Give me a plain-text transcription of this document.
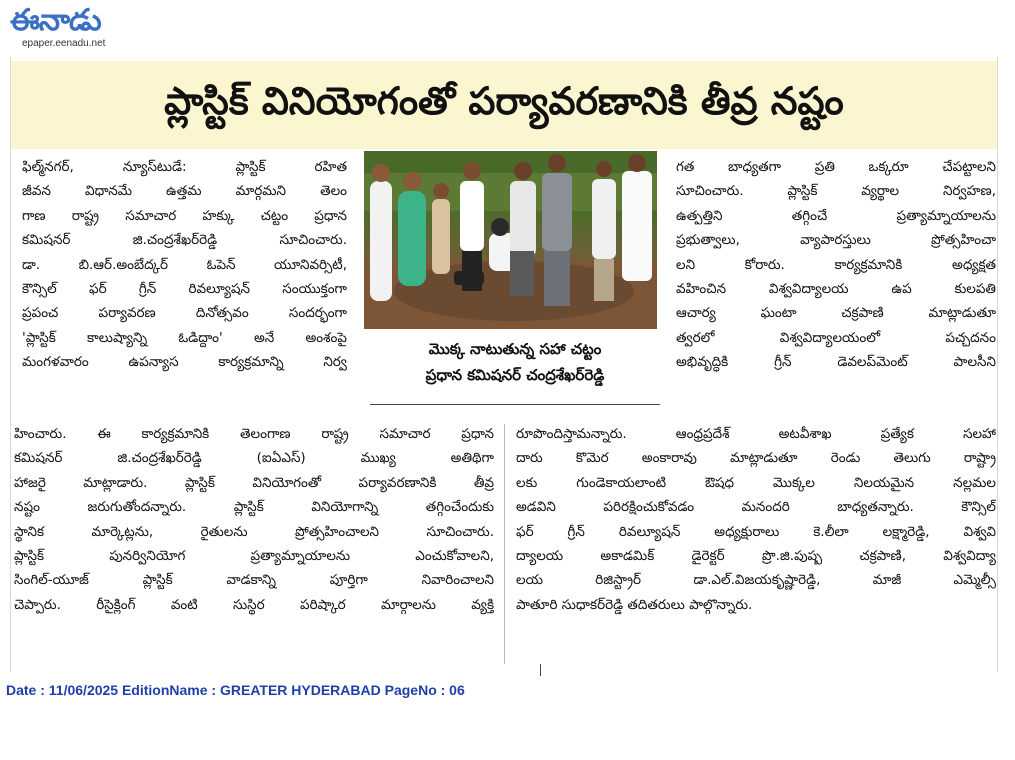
ఈనాడు
epaper.eenadu.net
ప్లాస్టిక్ వినియోగంతో పర్యావరణానికి తీవ్ర నష్టం
ఫిల్మ్‌నగర్, న్యూస్‌టుడే: ప్లాస్టిక్ రహిత
జీవన విధానమే ఉత్తమ మార్గమని తెలం
గాణ రాష్ట్ర సమాచార హక్కు చట్టం ప్రధాన
కమిషనర్ జి.చంద్రశేఖర్‌రెడ్డి సూచించారు.
డా. బి.ఆర్.అంబేద్కర్ ఓపెన్ యూనివర్సిటీ,
కౌన్సిల్ ఫర్ గ్రీన్ రివల్యూషన్ సంయుక్తంగా
ప్రపంచ పర్యావరణ దినోత్సవం సందర్భంగా
'ప్లాస్టిక్ కాలుష్యాన్ని ఓడిద్దాం' అనే అంశంపై
మంగళవారం ఉపన్యాస కార్యక్రమాన్ని నిర్వ
మొక్క నాటుతున్న సహా చట్టం
ప్రధాన కమిషనర్ చంద్రశేఖర్‌రెడ్డి
గత బాధ్యతగా ప్రతి ఒక్కరూ చేపట్టాలని
సూచించారు. ప్లాస్టిక్ వ్యర్థాల నిర్వహణ,
ఉత్పత్తిని తగ్గించే ప్రత్యామ్నాయాలను
ప్రభుత్వాలు, వ్యాపారస్తులు ప్రోత్సహించా
లని కోరారు. కార్యక్రమానికి అధ్యక్షత
వహించిన విశ్వవిద్యాలయ ఉప కులపతి
ఆచార్య ఘంటా చక్రపాణి మాట్లాడుతూ
త్వరలో విశ్వవిద్యాలయంలో పచ్చదనం
అభివృద్ధికి గ్రీన్ డెవలప్‌మెంట్ పాలసీని
హించారు. ఈ కార్యక్రమానికి తెలంగాణ రాష్ట్ర సమాచార ప్రధాన
కమిషనర్ జి.చంద్రశేఖర్‌రెడ్డి (ఐఏఎస్) ముఖ్య అతిథిగా
హాజరై మాట్లాడారు. ప్లాస్టిక్ వినియోగంతో పర్యావరణానికి తీవ్ర
నష్టం జరుగుతోందన్నారు. ప్లాస్టిక్ వినియోగాన్ని తగ్గించేందుకు
స్థానిక మార్కెట్లను, రైతులను ప్రోత్సహించాలని సూచించారు.
ప్లాస్టిక్ పునర్వినియోగ ప్రత్యామ్నాయాలను ఎంచుకోవాలని,
సింగిల్-యూజ్ ప్లాస్టిక్ వాడకాన్ని పూర్తిగా నివారించాలని
చెప్పారు. రీసైక్లింగ్ వంటి సుస్థిర పరిష్కార మార్గాలను వ్యక్తి
రూపొందిస్తామన్నారు. ఆంధ్రప్రదేశ్ అటవీశాఖ ప్రత్యేక సలహా
దారు కొమెర అంకారావు మాట్లాడుతూ రెండు తెలుగు రాష్ట్రా
లకు గుండెకాయలాంటి ఔషధ మొక్కల నిలయమైన నల్లమల
అడవిని పరిరక్షించుకోవడం మనందరి బాధ్యతన్నారు. కౌన్సిల్
ఫర్ గ్రీన్ రివల్యూషన్ అధ్యక్షురాలు కె.లీలా లక్ష్మారెడ్డి, విశ్వవి
ద్యాలయ అకాడమిక్ డైరెక్టర్ ప్రొ.జి.పుష్ప చక్రపాణి, విశ్వవిద్యా
లయ రిజిస్ట్రార్ డా.ఎల్.విజయకృష్ణారెడ్డి, మాజీ ఎమ్మెల్సీ
పాతూరి సుధాకర్‌రెడ్డి తదితరులు పాల్గొన్నారు.
Date : 11/06/2025 EditionName : GREATER HYDERABAD PageNo : 06
